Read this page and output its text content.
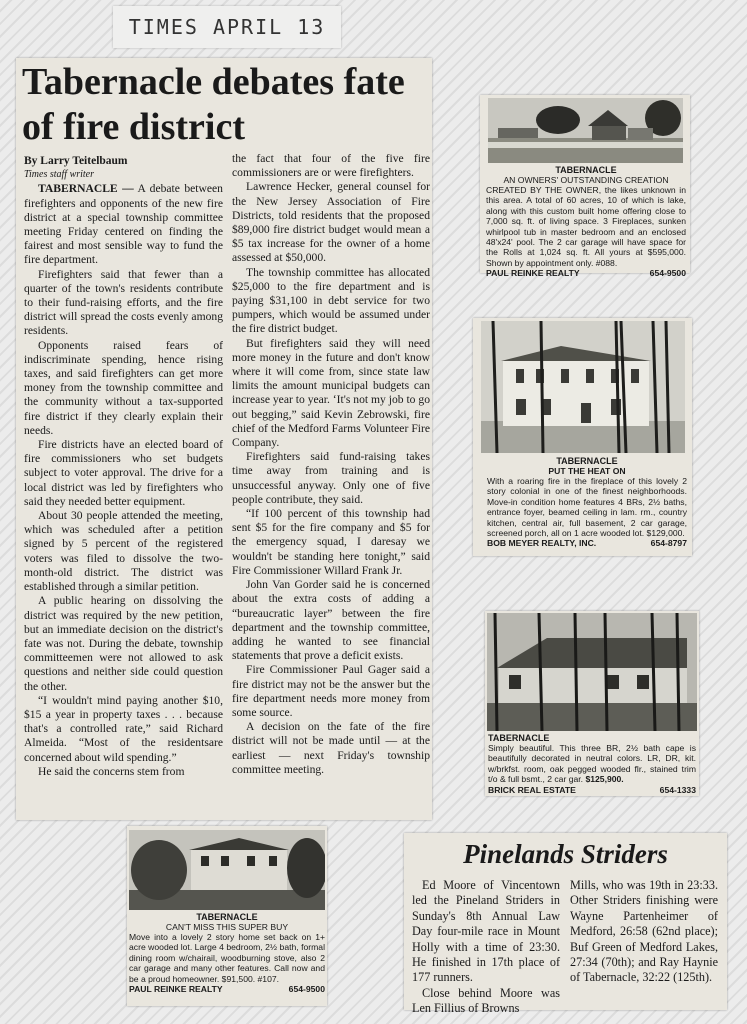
TIMES APRIL 13
Tabernacle debates fate of fire district

By Larry Teitelbaum

Times staff writer

TABERNACLE — A debate between firefighters and opponents of the new fire district at a special township committee meeting Friday centered on finding the fairest and most sensible way to fund the fire department.

Firefighters said that fewer than a quarter of the town's residents contribute to their fund-raising efforts, and the fire district will spread the costs evenly among residents.

Opponents raised fears of indiscriminate spending, hence rising taxes, and said firefighters can get more money from the township committee and the community without a tax-supported fire district if they clearly explain their needs.

Fire districts have an elected board of fire commissioners who set budgets subject to voter approval. The drive for a local district was led by firefighters who said they needed better equipment.

About 30 people attended the meeting, which was scheduled after a petition signed by 5 percent of the registered voters was filed to dissolve the two-month-old district. The district was established through a similar petition.

A public hearing on dissolving the district was required by the new petition, but an immediate decision on the district's fate was not. During the debate, township committeemen were not allowed to ask questions and neither side could question the other.

“I wouldn't mind paying another $10, $15 a year in property taxes . . . because that's a controlled rate,” said Richard Almeida. “Most of the residentsare concerned about wild spending.”

He said the concerns stem from

the fact that four of the five fire commissioners are or were firefighters.

Lawrence Hecker, general counsel for the New Jersey Association of Fire Districts, told residents that the proposed $89,000 fire district budget would mean a $5 tax increase for the owner of a home assessed at $50,000.

The township committee has allocated $25,000 to the fire department and is paying $31,100 in debt service for two pumpers, which would be assumed under the fire district budget.

But firefighters said they will need more money in the future and don't know where it will come from, since state law limits the amount municipal budgets can increase year to year. ‘It's not my job to go out begging,” said Kevin Zebrowski, fire chief of the Medford Farms Volunteer Fire Company.

Firefighters said fund-raising takes time away from training and is unsuccessful anyway. Only one of five people contribute, they said.

“If 100 percent of this township had sent $5 for the fire company and $5 for the emergency squad, I daresay we wouldn't be standing here tonight,” said Fire Commissioner Willard Frank Jr.

John Van Gorder said he is concerned about the extra costs of adding a “bureaucratic layer” between the fire department and the township committee, adding he wanted to see financial statements that prove a deficit exists.

Fire Commissioner Paul Gager said a fire district may not be the answer but the fire department needs more money from some source.

A decision on the fate of the fire district will not be made until — at the earliest — next Friday's township committee meeting.

TABERNACLE

AN OWNERS' OUTSTANDING CREATION

CREATED BY THE OWNER, the likes unknown in this area. A total of 60 acres, 10 of which is lake, along with this custom built home offering close to 7,000 sq. ft. of living space. 3 Fireplaces, sunken whirlpool tub in master bedroom and an enclosed 48'x24' pool. The 2 car garage will have space for the Rolls at 1,024 sq. ft. All yours at $595,000. Shown by appointment only. #088.

PAUL REINKE REALTY	654-9500

TABERNACLE

PUT THE HEAT ON

With a roaring fire in the fireplace of this lovely 2 story colonial in one of the finest neighborhoods. Move-in condition home features 4 BRs, 2½ baths, entrance foyer, beamed ceiling in lam. rm., country kitchen, central air, full basement, 2 car garage, screened porch, all on 1 acre wooded lot. $129,000.

BOB MEYER REALTY, INC.	654-8797

TABERNACLE

Simply beautiful. This three BR, 2½ bath cape is beautifully decorated in neutral colors. LR, DR, kit. w/brkfst. room, oak pegged wooded flr., stained trim t/o & full bsmt., 2 car gar. $125,900.

BRICK REAL ESTATE	654-1333

TABERNACLE

CAN'T MISS THIS SUPER BUY

Move into a lovely 2 story home set back on 1+ acre wooded lot. Large 4 bedroom, 2½ bath, formal dining room w/chairail, woodburning stove, also 2 car garage and many other features. Call now and be a proud homeowner. $91,500. #107.

PAUL REINKE REALTY	654-9500
Pinelands Striders

Ed Moore of Vincentown led the Pineland Striders in Sunday's 8th Annual Law Day four-mile race in Mount Holly with a time of 23:30. He finished in 17th place of 177 runners.

Close behind Moore was Len Fillius of Browns

Mills, who was 19th in 23:33. Other Striders finishing were Wayne Partenheimer of Medford, 26:58 (62nd place); Buf Green of Medford Lakes, 27:34 (70th); and Ray Haynie of Tabernacle, 32:22 (125th).
